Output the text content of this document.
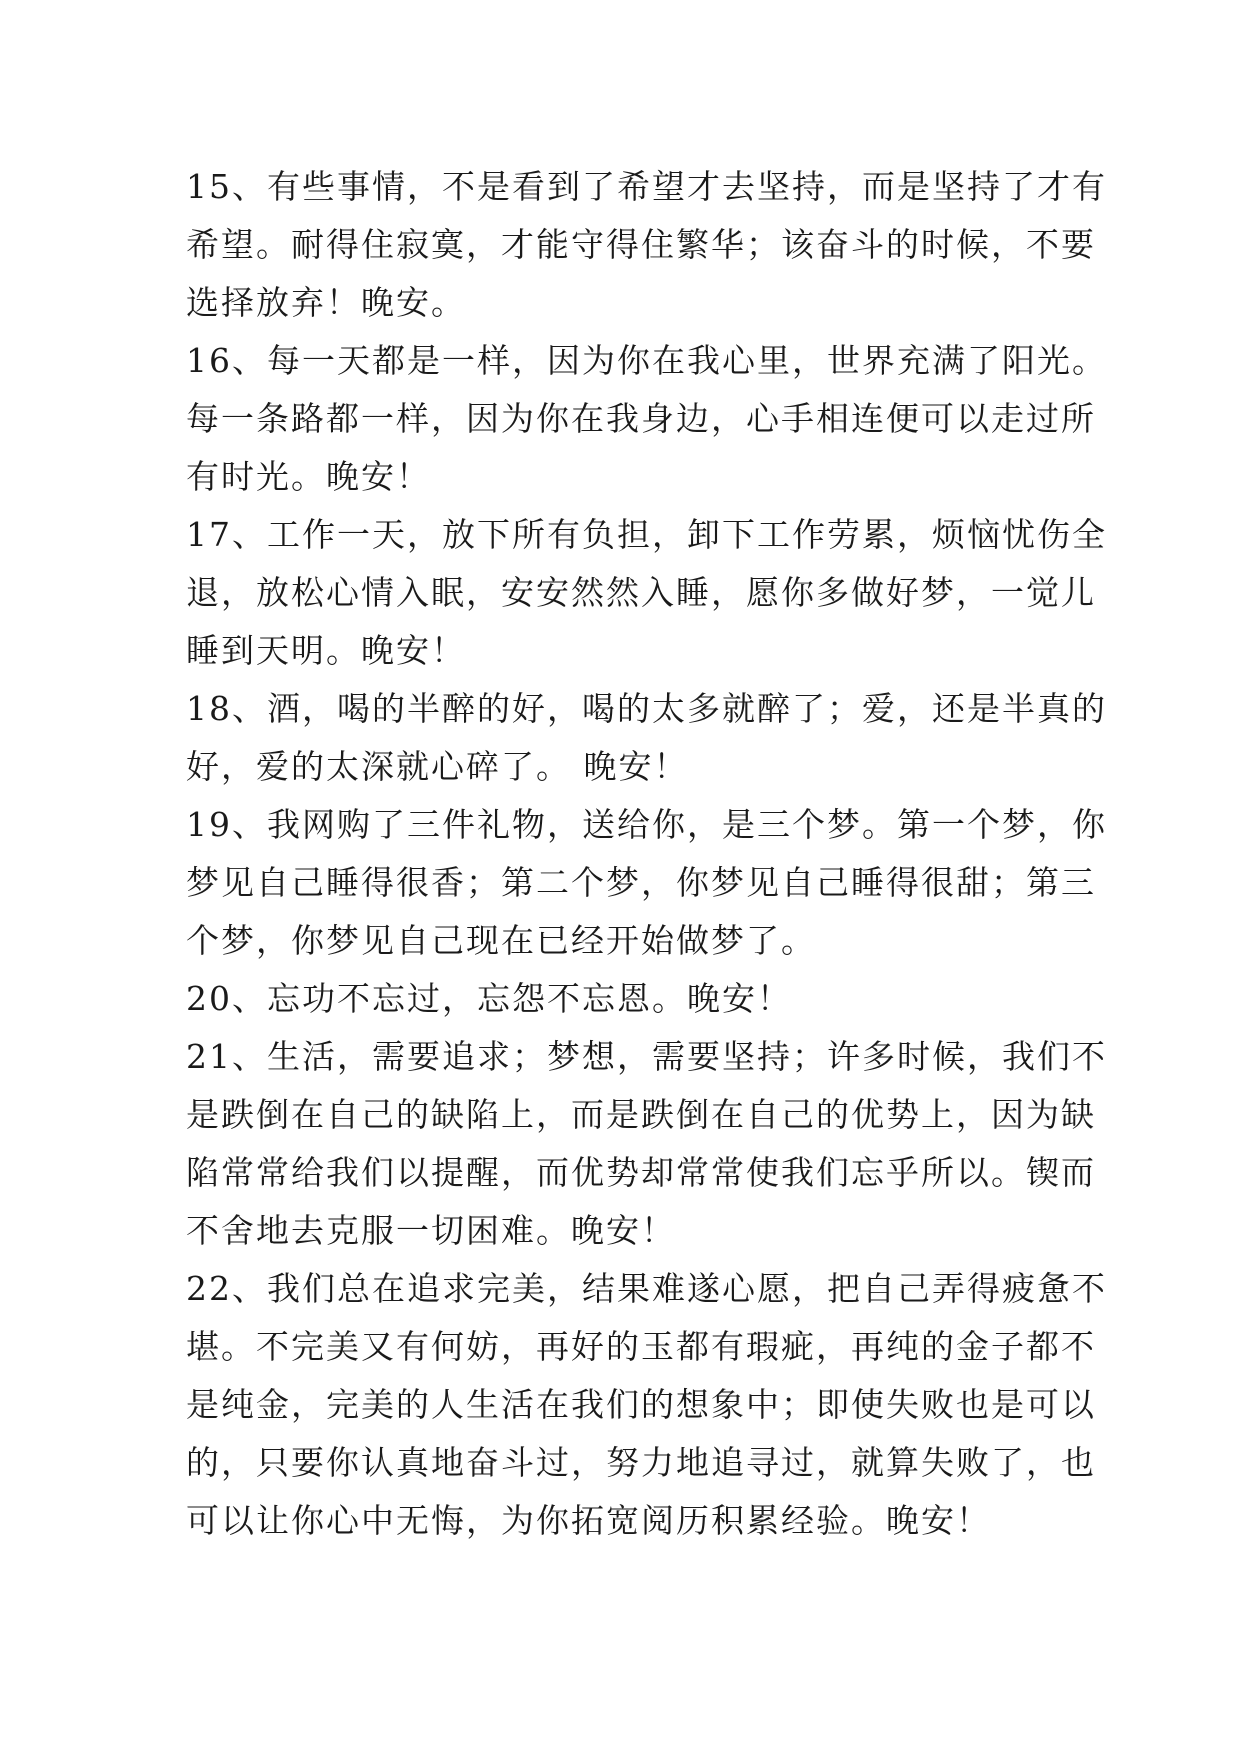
15、有些事情，不是看到了希望才去坚持，而是坚持了才有
希望。耐得住寂寞，才能守得住繁华；该奋斗的时候，不要
选择放弃！晚安。
16、每一天都是一样，因为你在我心里，世界充满了阳光。
每一条路都一样，因为你在我身边，心手相连便可以走过所
有时光。晚安！
17、工作一天，放下所有负担，卸下工作劳累，烦恼忧伤全
退，放松心情入眠，安安然然入睡，愿你多做好梦，一觉儿
睡到天明。晚安！
18、酒，喝的半醉的好，喝的太多就醉了；爱，还是半真的
好，爱的太深就心碎了。 晚安！
19、我网购了三件礼物，送给你，是三个梦。第一个梦，你
梦见自己睡得很香；第二个梦，你梦见自己睡得很甜；第三
个梦，你梦见自己现在已经开始做梦了。
20、忘功不忘过，忘怨不忘恩。晚安！
21、生活，需要追求；梦想，需要坚持；许多时候，我们不
是跌倒在自己的缺陷上，而是跌倒在自己的优势上，因为缺
陷常常给我们以提醒，而优势却常常使我们忘乎所以。锲而
不舍地去克服一切困难。晚安！
22、我们总在追求完美，结果难遂心愿，把自己弄得疲惫不
堪。不完美又有何妨，再好的玉都有瑕疵，再纯的金子都不
是纯金，完美的人生活在我们的想象中；即使失败也是可以
的，只要你认真地奋斗过，努力地追寻过，就算失败了，也
可以让你心中无悔，为你拓宽阅历积累经验。晚安！
